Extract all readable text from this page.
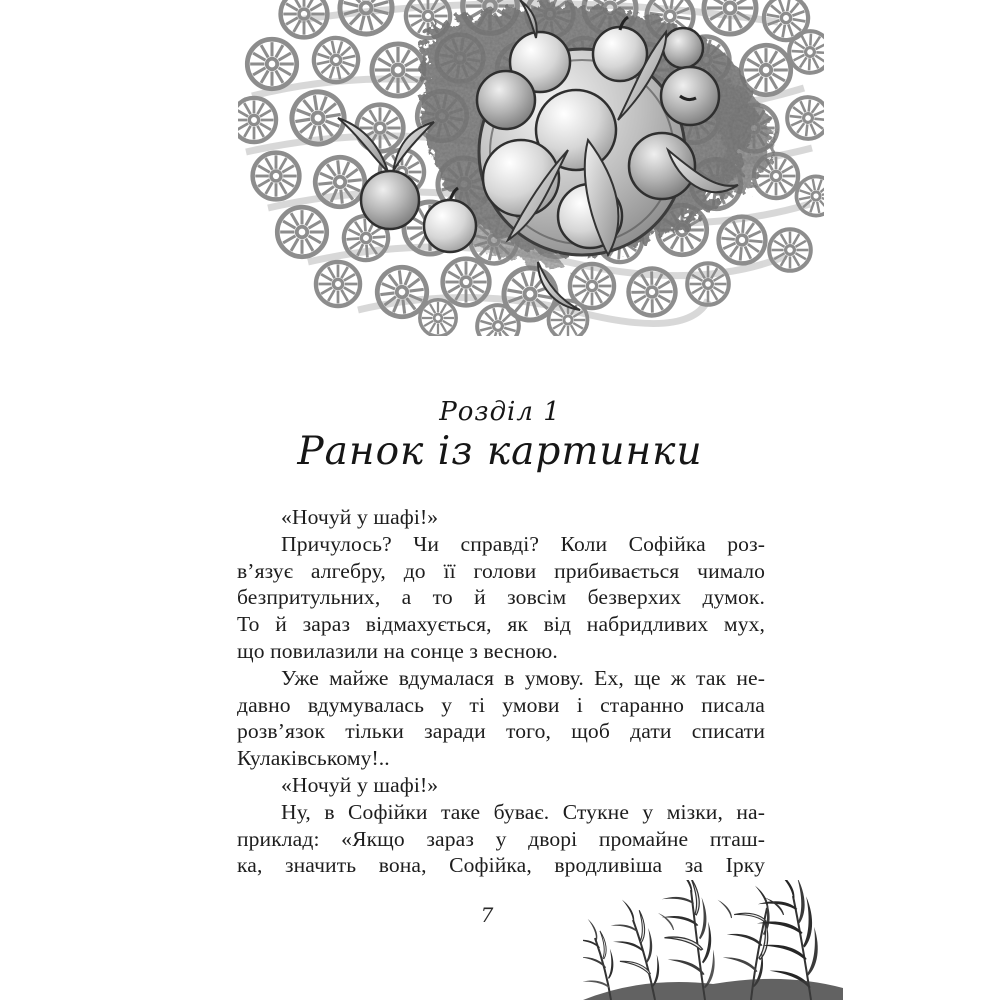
Розділ 1
Ранок із картинки
«Ночуй у шафі!»
Причулось? Чи справді? Коли Софійка роз-
в’язує алгебру, до її голови прибивається чимало
безпритульних, а то й зовсім безверхих думок.
То й зараз відмахується, як від набридливих мух,
що повилазили на сонце з весною.
Уже майже вдумалася в умову. Ех, ще ж так не-
давно вдумувалась у ті умови і старанно писала
розв’язок тільки заради того, щоб дати списати
Кулаківському!..
«Ночуй у шафі!»
Ну, в Софійки таке буває. Стукне у мізки, на-
приклад: «Якщо зараз у дворі промайне пташ-
ка, значить вона, Софійка, вродливіша за Ірку
7
